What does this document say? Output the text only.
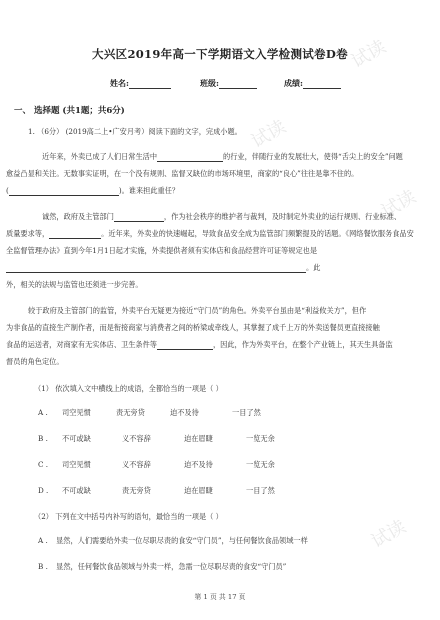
试读
试读
试读
试读
大兴区2019年高一下学期语文入学检测试卷D卷
姓名:	班级:	成绩:
一、 选择题 (共1题；共6分)
1. （6分） (2019高二上•广安月考）阅读下面的文字，完成小题。
近年来，外卖已成了人们日常生活中	的行业，伴随行业的发展壮大，使得“舌尖上的安全”问题
愈益凸显和关注。无数事实证明，在一个没有规则、监督又缺位的市场环境里，商家的“良心”往往是靠不住的。
(	)。谁来担此重任？
诚然，政府及主管部门	，作为社会秩序的维护者与裁判，及时制定外卖业的运行规则、行业标准、
质量要求等，	。近年来，外卖业的快速崛起，导致食品安全成为监管部门频繁提及的话题。《网络餐饮服务食品安
全监督管理办法》直到今年1月1日起才实施，外卖提供者须有实体店和食品经营许可证等规定也是
。此
外，相关的法规与监管也还须进一步完善。
较于政府及主管部门的监管，外卖平台无疑更为接近“守门员”的角色。外卖平台虽由是“利益攸关方”，但作
为非食品的直接生产制作者，而是衔接商家与消费者之间的桥梁或牵线人，其掌握了成千上万的外卖送餐员更直接接触
食品的运送者，对商家有无实体店、卫生条件等	，因此，作为外卖平台，在整个产业链上，其天生具备监
督员的角色定位。
（1） 依次填入文中横线上的成语，全都恰当的一项是（ ）
A . 司空见惯	责无旁贷	迫不及待	一目了然
B . 不可或缺	义不容辞	迫在眉睫	一览无余
C . 司空见惯	义不容辞	迫不及待	一览无余
D . 不可或缺	责无旁贷	迫在眉睫	一目了然
（2） 下列在文中括号内补写的语句，最恰当的一项是（ ）
A . 显然，人们需要给外卖一位尽职尽责的食安“守门员”，与任何餐饮食品领域一样
B . 显然，任何餐饮食品领域与外卖一样，急需一位尽职尽责的食安“守门员”
第 1 页 共 17 页
